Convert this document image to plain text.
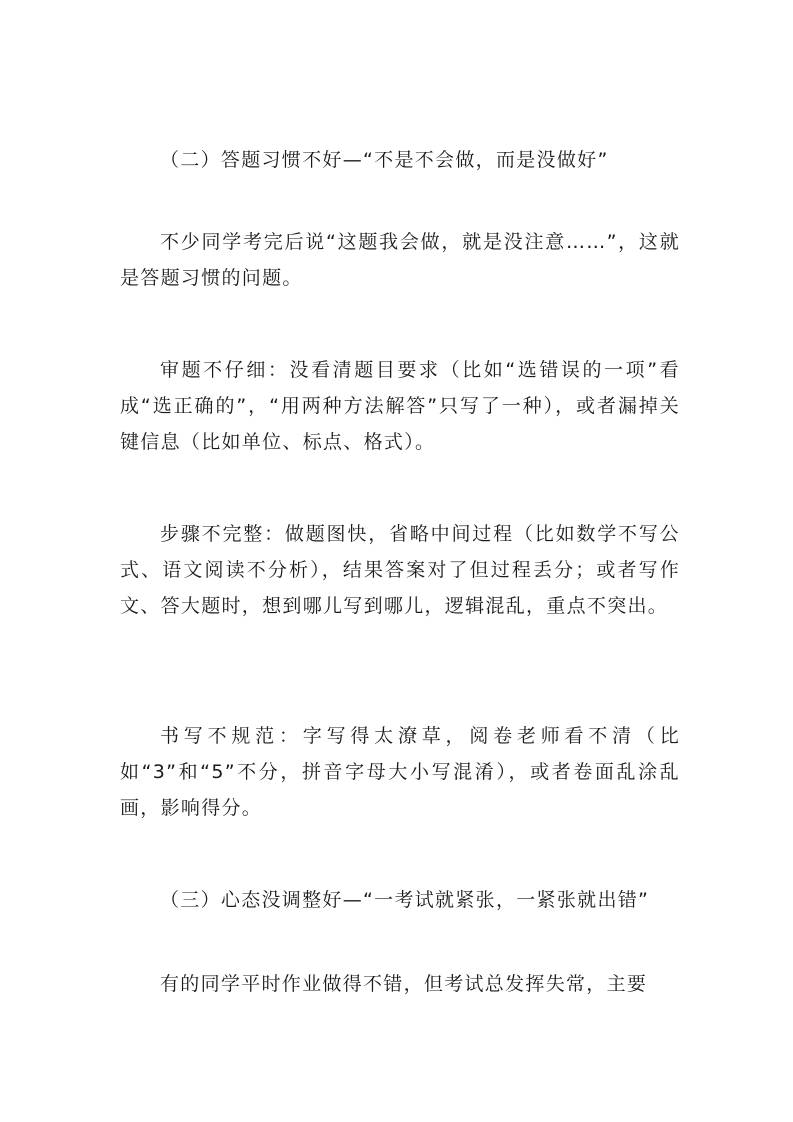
（二）答题习惯不好—“不是不会做，而是没做好”

不少同学考完后说“这题我会做，就是没注意……”，这就是答题习惯的问题。

审题不仔细：没看清题目要求（比如“选错误的一项”看成“选正确的”，“用两种方法解答”只写了一种），或者漏掉关键信息（比如单位、标点、格式）。

步骤不完整：做题图快，省略中间过程（比如数学不写公式、语文阅读不分析），结果答案对了但过程丢分；或者写作文、答大题时，想到哪儿写到哪儿，逻辑混乱，重点不突出。

书写不规范：字写得太潦草，阅卷老师看不清（比如“3”和“5”不分，拼音字母大小写混淆），或者卷面乱涂乱画，影响得分。

（三）心态没调整好—“一考试就紧张，一紧张就出错”

有的同学平时作业做得不错，但考试总发挥失常，主要
